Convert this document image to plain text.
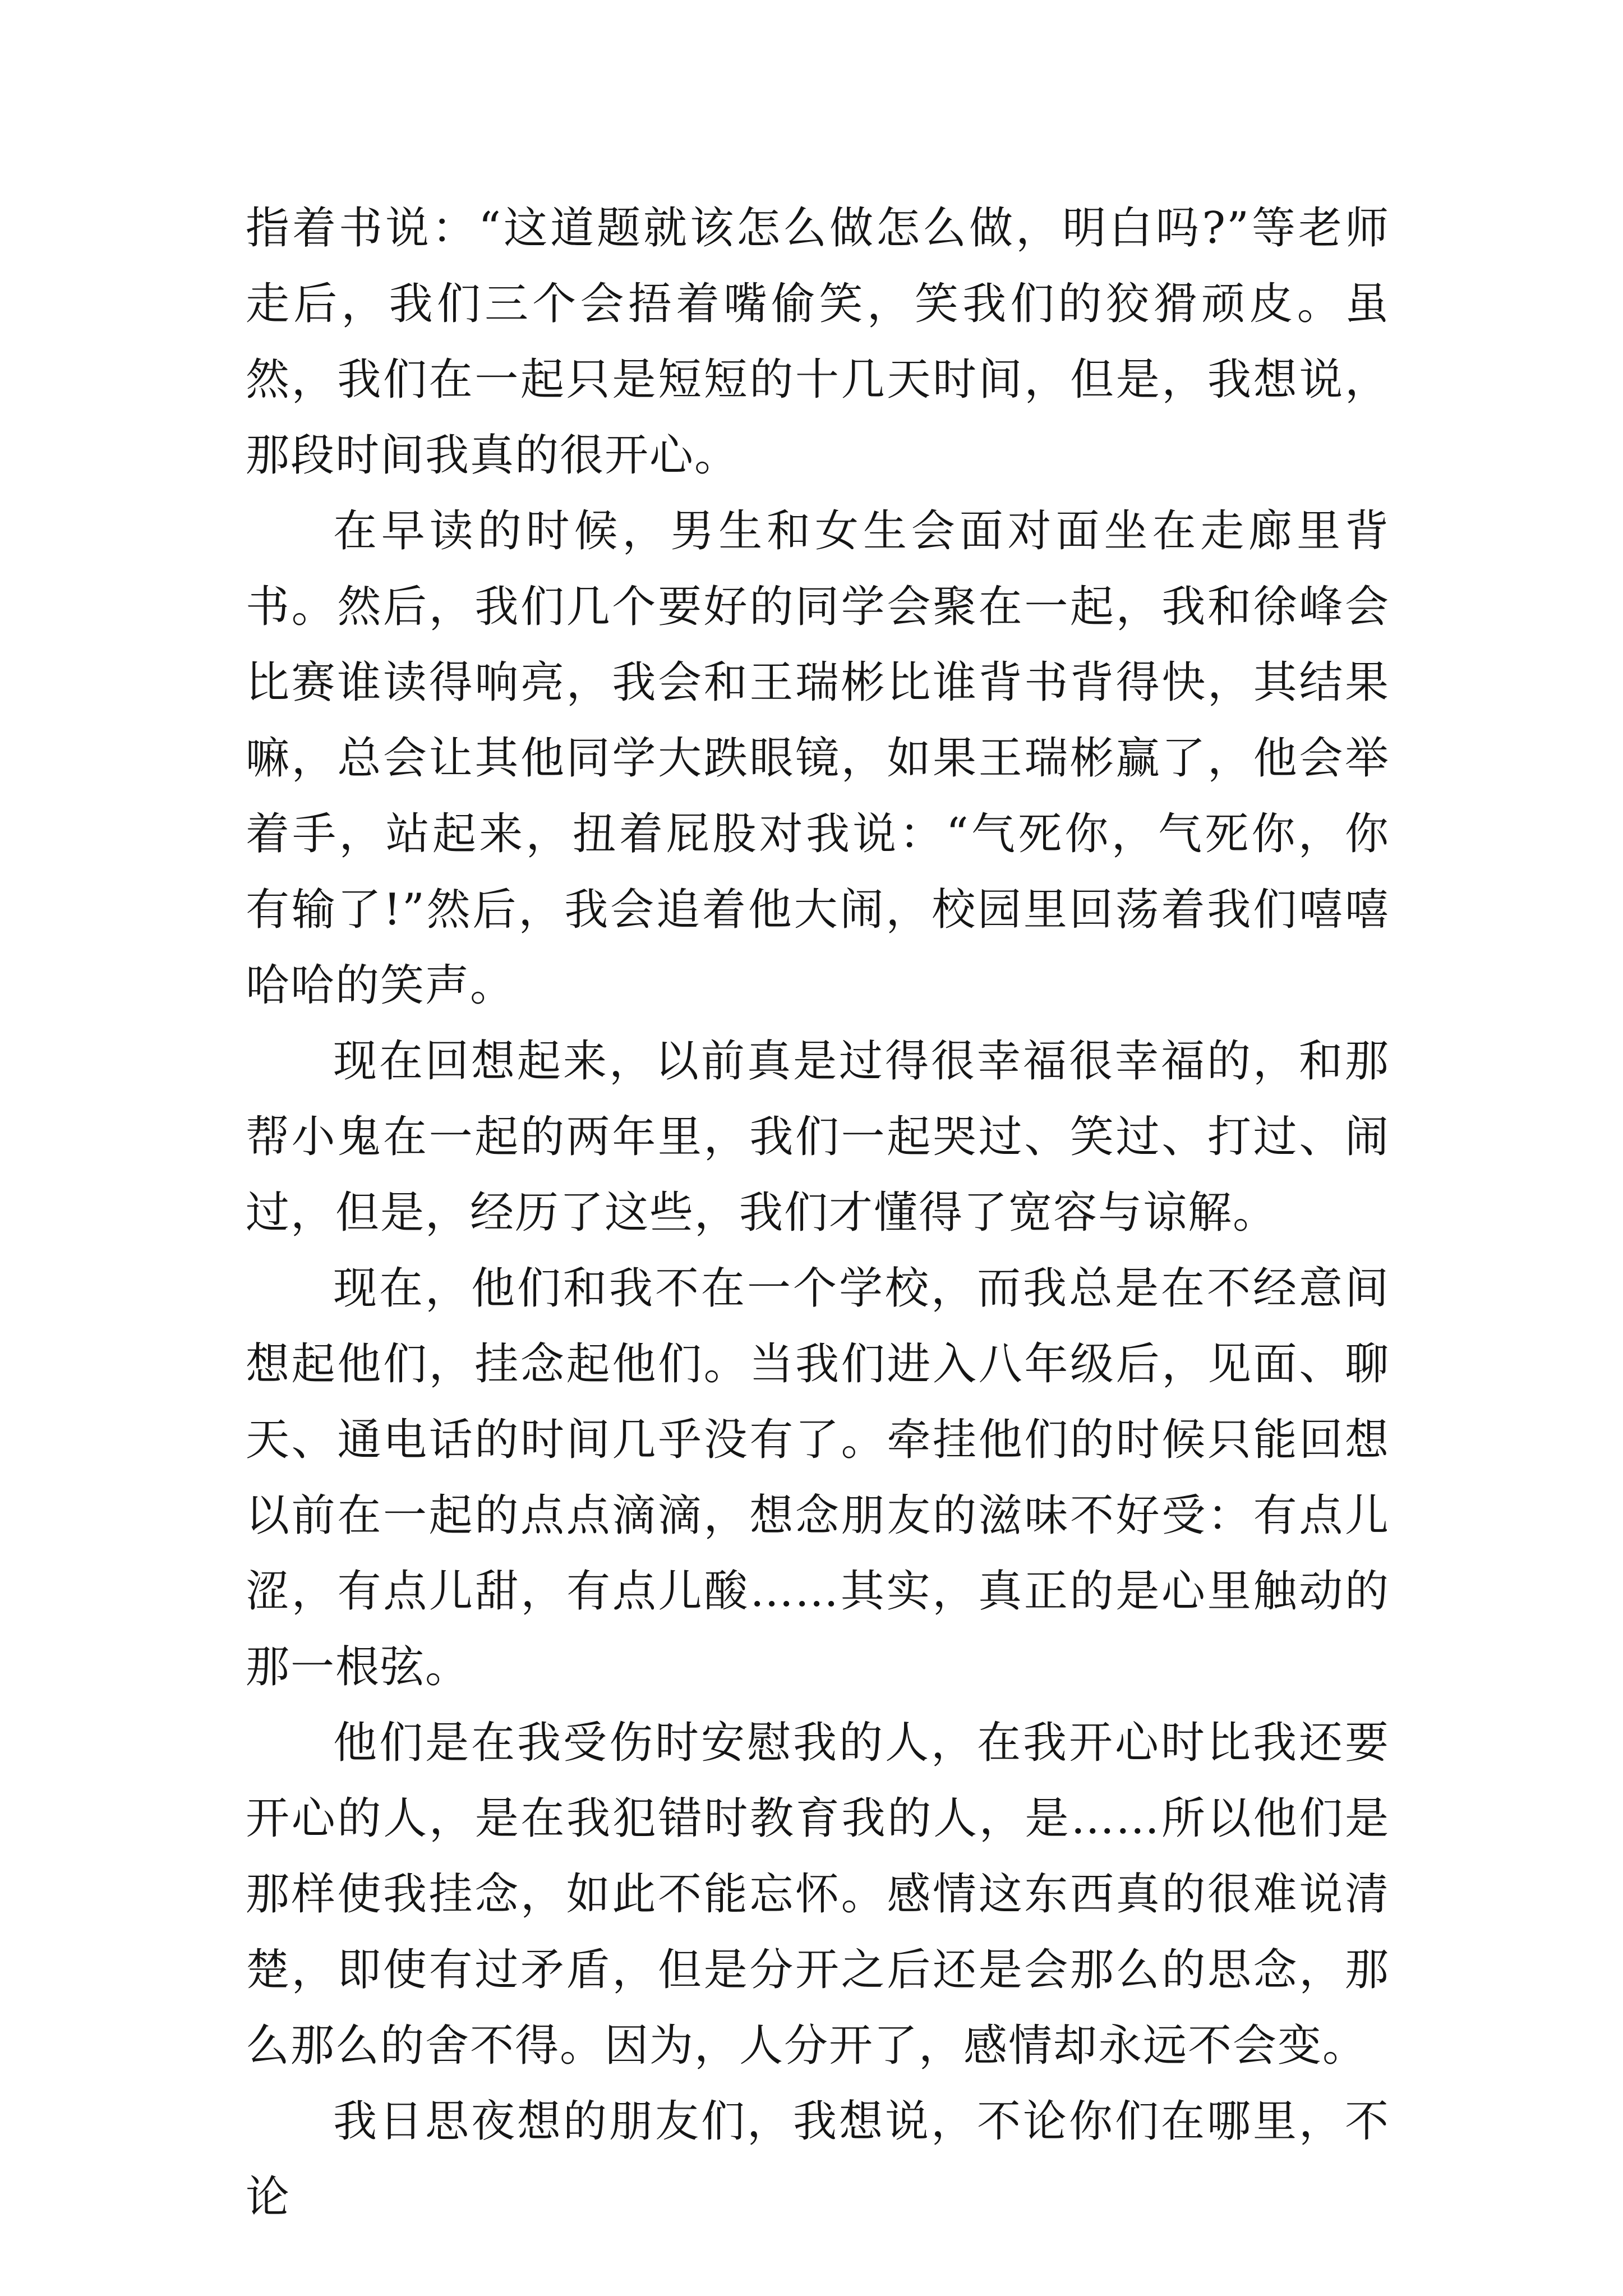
指着书说：“这道题就该怎么做怎么做，明白吗?”等老师走后，我们三个会捂着嘴偷笑，笑我们的狡猾顽皮。虽然，我们在一起只是短短的十几天时间，但是，我想说，那段时间我真的很开心。

在早读的时候，男生和女生会面对面坐在走廊里背书。然后，我们几个要好的同学会聚在一起，我和徐峰会比赛谁读得响亮，我会和王瑞彬比谁背书背得快，其结果嘛，总会让其他同学大跌眼镜，如果王瑞彬赢了，他会举着手，站起来，扭着屁股对我说：“气死你，气死你，你有输了!”然后，我会追着他大闹，校园里回荡着我们嘻嘻哈哈的笑声。

现在回想起来，以前真是过得很幸福很幸福的，和那帮小鬼在一起的两年里，我们一起哭过、笑过、打过、闹过，但是，经历了这些，我们才懂得了宽容与谅解。

现在，他们和我不在一个学校，而我总是在不经意间想起他们，挂念起他们。当我们进入八年级后，见面、聊天、通电话的时间几乎没有了。牵挂他们的时候只能回想以前在一起的点点滴滴，想念朋友的滋味不好受：有点儿涩，有点儿甜，有点儿酸……其实，真正的是心里触动的那一根弦。

他们是在我受伤时安慰我的人，在我开心时比我还要开心的人，是在我犯错时教育我的人，是……所以他们是那样使我挂念，如此不能忘怀。感情这东西真的很难说清楚，即使有过矛盾，但是分开之后还是会那么的思念，那么那么的舍不得。因为，人分开了，感情却永远不会变。

我日思夜想的朋友们，我想说，不论你们在哪里，不论
